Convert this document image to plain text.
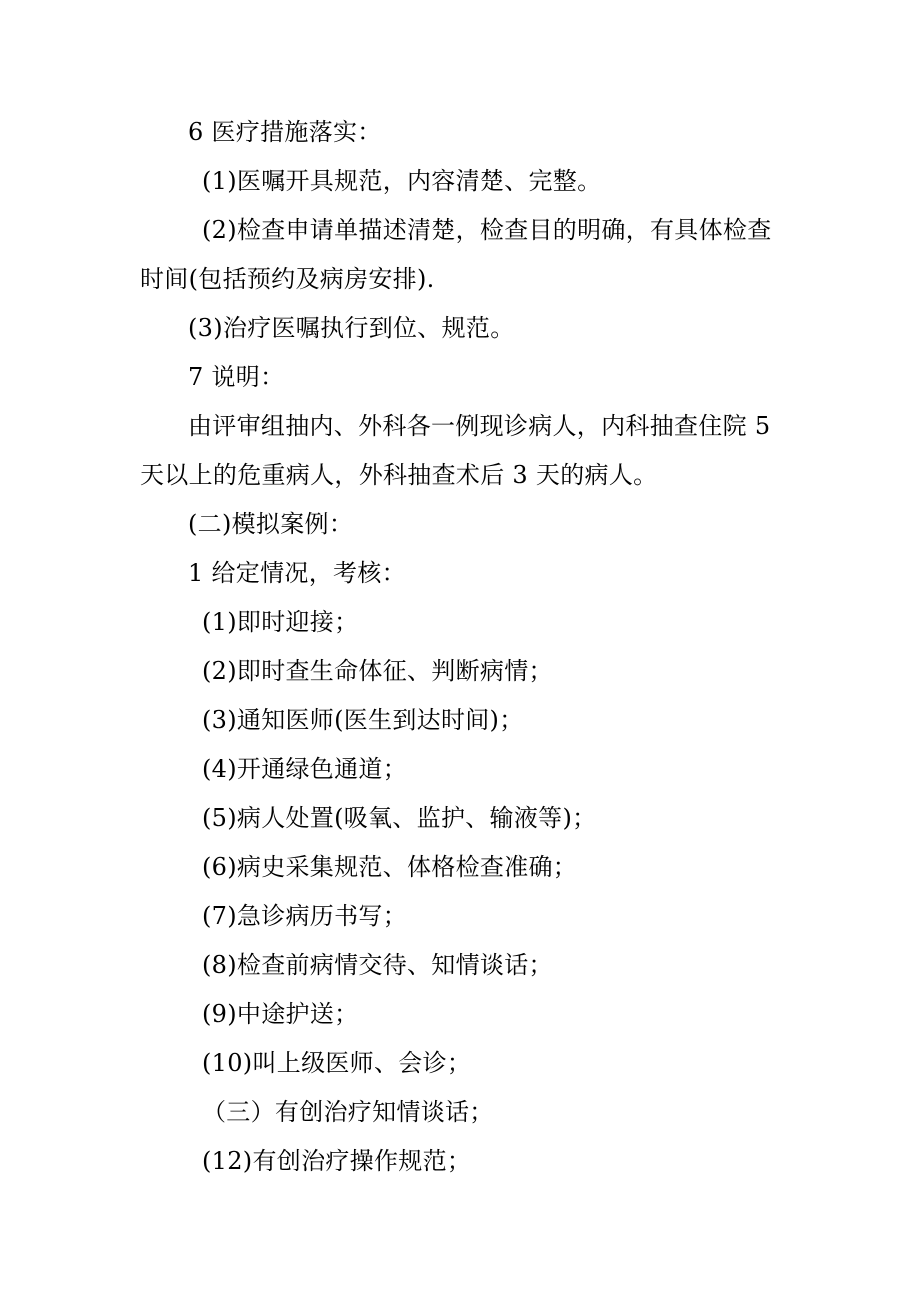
6 医疗措施落实：
(1)医嘱开具规范，内容清楚、完整。
(2)检查申请单描述清楚，检查目的明确，有具体检查
时间(包括预约及病房安排).
(3)治疗医嘱执行到位、规范。
7 说明：
由评审组抽内、外科各一例现诊病人，内科抽查住院 5
天以上的危重病人，外科抽查术后 3 天的病人。
(二)模拟案例：
1 给定情况，考核：
(1)即时迎接；
(2)即时查生命体征、判断病情；
(3)通知医师(医生到达时间)；
(4)开通绿色通道；
(5)病人处置(吸氧、监护、输液等)；
(6)病史采集规范、体格检查准确；
(7)急诊病历书写；
(8)检查前病情交待、知情谈话；
(9)中途护送；
(10)叫上级医师、会诊；
（三）有创治疗知情谈话；
(12)有创治疗操作规范；
